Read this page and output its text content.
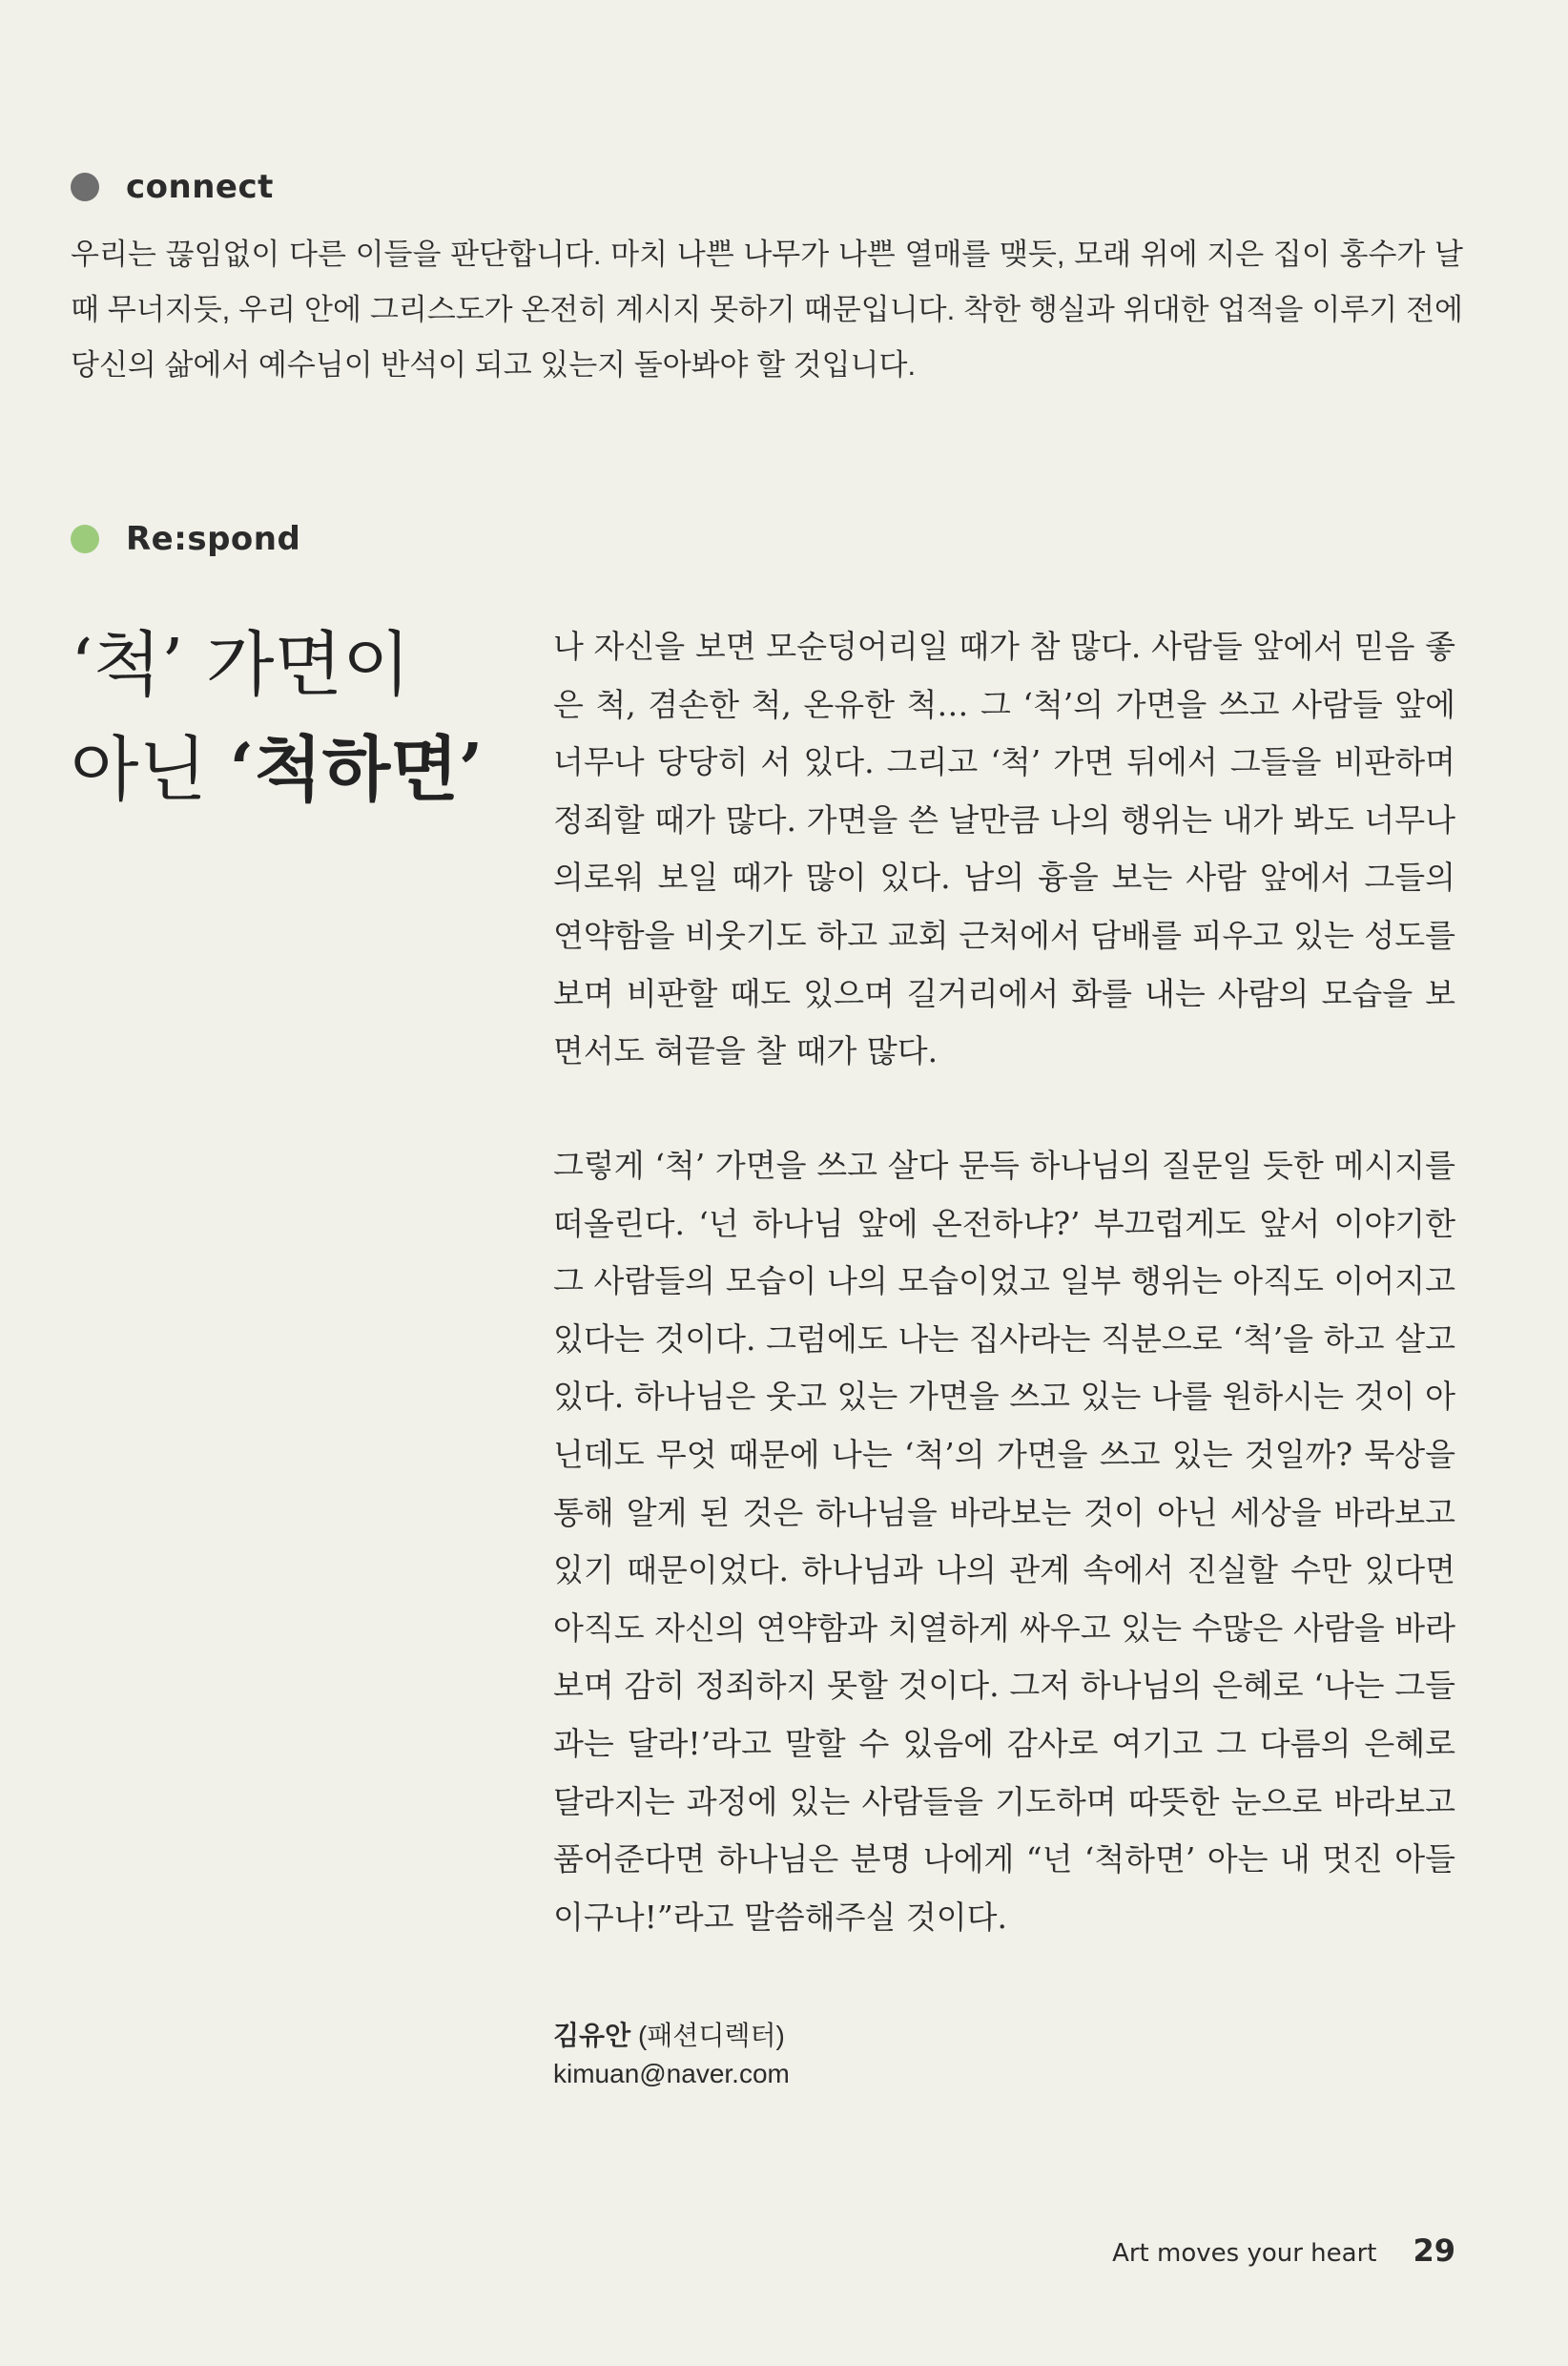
connect

우리는 끊임없이 다른 이들을 판단합니다. 마치 나쁜 나무가 나쁜 열매를 맺듯, 모래 위에 지은 집이 홍수가 날 때 무너지듯, 우리 안에 그리스도가 온전히 계시지 못하기 때문입니다. 착한 행실과 위대한 업적을 이루기 전에 당신의 삶에서 예수님이 반석이 되고 있는지 돌아봐야 할 것입니다.

Re:spond
‘척’ 가면이
아닌 ‘척하면’

나 자신을 보면 모순덩어리일 때가 참 많다. 사람들 앞에서 믿음 좋은 척, 겸손한 척, 온유한 척… 그 ‘척’의 가면을 쓰고 사람들 앞에 너무나 당당히 서 있다. 그리고 ‘척’ 가면 뒤에서 그들을 비판하며 정죄할 때가 많다. 가면을 쓴 날만큼 나의 행위는 내가 봐도 너무나 의로워 보일 때가 많이 있다. 남의 흉을 보는 사람 앞에서 그들의 연약함을 비웃기도 하고 교회 근처에서 담배를 피우고 있는 성도를 보며 비판할 때도 있으며 길거리에서 화를 내는 사람의 모습을 보면서도 혀끝을 찰 때가 많다.

그렇게 ‘척’ 가면을 쓰고 살다 문득 하나님의 질문일 듯한 메시지를 떠올린다. ‘넌 하나님 앞에 온전하냐?’ 부끄럽게도 앞서 이야기한 그 사람들의 모습이 나의 모습이었고 일부 행위는 아직도 이어지고 있다는 것이다. 그럼에도 나는 집사라는 직분으로 ‘척’을 하고 살고 있다. 하나님은 웃고 있는 가면을 쓰고 있는 나를 원하시는 것이 아닌데도 무엇 때문에 나는 ‘척’의 가면을 쓰고 있는 것일까? 묵상을 통해 알게 된 것은 하나님을 바라보는 것이 아닌 세상을 바라보고 있기 때문이었다. 하나님과 나의 관계 속에서 진실할 수만 있다면 아직도 자신의 연약함과 치열하게 싸우고 있는 수많은 사람을 바라보며 감히 정죄하지 못할 것이다. 그저 하나님의 은혜로 ‘나는 그들과는 달라!’라고 말할 수 있음에 감사로 여기고 그 다름의 은혜로 달라지는 과정에 있는 사람들을 기도하며 따뜻한 눈으로 바라보고 품어준다면 하나님은 분명 나에게 “넌 ‘척하면’ 아는 내 멋진 아들이구나!”라고 말씀해주실 것이다.

김유안 (패션디렉터)
kimuan@naver.com
Art moves your heart 29
